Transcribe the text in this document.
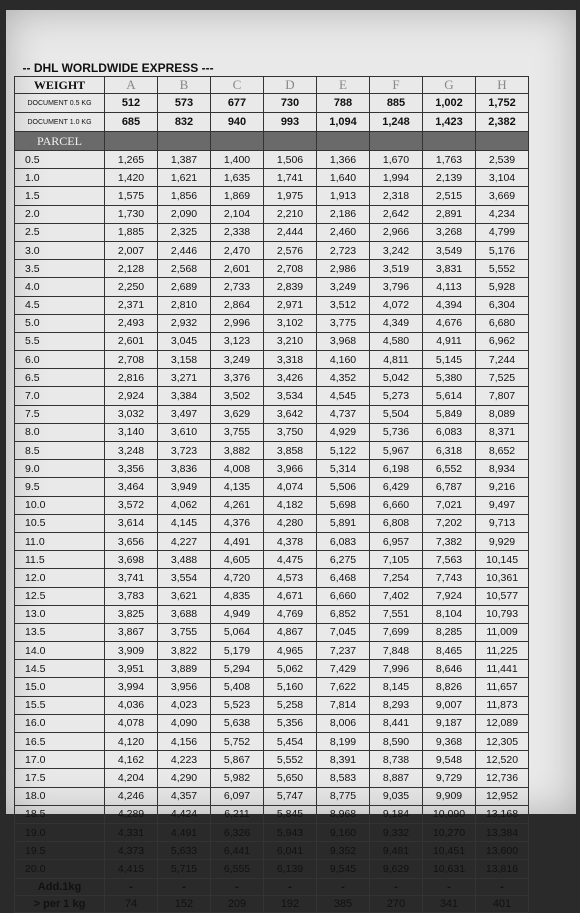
-- DHL WORLDWIDE EXPRESS ---								
WEIGHT	A	B	C	D	E	F	G	H
DOCUMENT 0.5 KG	512	573	677	730	788	885	1,002	1,752
DOCUMENT 1.0 KG	685	832	940	993	1,094	1,248	1,423	2,382
PARCEL								
0.5	1,265	1,387	1,400	1,506	1,366	1,670	1,763	2,539
1.0	1,420	1,621	1,635	1,741	1,640	1,994	2,139	3,104
1.5	1,575	1,856	1,869	1,975	1,913	2,318	2,515	3,669
2.0	1,730	2,090	2,104	2,210	2,186	2,642	2,891	4,234
2.5	1,885	2,325	2,338	2,444	2,460	2,966	3,268	4,799
3.0	2,007	2,446	2,470	2,576	2,723	3,242	3,549	5,176
3.5	2,128	2,568	2,601	2,708	2,986	3,519	3,831	5,552
4.0	2,250	2,689	2,733	2,839	3,249	3,796	4,113	5,928
4.5	2,371	2,810	2,864	2,971	3,512	4,072	4,394	6,304
5.0	2,493	2,932	2,996	3,102	3,775	4,349	4,676	6,680
5.5	2,601	3,045	3,123	3,210	3,968	4,580	4,911	6,962
6.0	2,708	3,158	3,249	3,318	4,160	4,811	5,145	7,244
6.5	2,816	3,271	3,376	3,426	4,352	5,042	5,380	7,525
7.0	2,924	3,384	3,502	3,534	4,545	5,273	5,614	7,807
7.5	3,032	3,497	3,629	3,642	4,737	5,504	5,849	8,089
8.0	3,140	3,610	3,755	3,750	4,929	5,736	6,083	8,371
8.5	3,248	3,723	3,882	3,858	5,122	5,967	6,318	8,652
9.0	3,356	3,836	4,008	3,966	5,314	6,198	6,552	8,934
9.5	3,464	3,949	4,135	4,074	5,506	6,429	6,787	9,216
10.0	3,572	4,062	4,261	4,182	5,698	6,660	7,021	9,497
10.5	3,614	4,145	4,376	4,280	5,891	6,808	7,202	9,713
11.0	3,656	4,227	4,491	4,378	6,083	6,957	7,382	9,929
11.5	3,698	3,488	4,605	4,475	6,275	7,105	7,563	10,145
12.0	3,741	3,554	4,720	4,573	6,468	7,254	7,743	10,361
12.5	3,783	3,621	4,835	4,671	6,660	7,402	7,924	10,577
13.0	3,825	3,688	4,949	4,769	6,852	7,551	8,104	10,793
13.5	3,867	3,755	5,064	4,867	7,045	7,699	8,285	11,009
14.0	3,909	3,822	5,179	4,965	7,237	7,848	8,465	11,225
14.5	3,951	3,889	5,294	5,062	7,429	7,996	8,646	11,441
15.0	3,994	3,956	5,408	5,160	7,622	8,145	8,826	11,657
15.5	4,036	4,023	5,523	5,258	7,814	8,293	9,007	11,873
16.0	4,078	4,090	5,638	5,356	8,006	8,441	9,187	12,089
16.5	4,120	4,156	5,752	5,454	8,199	8,590	9,368	12,305
17.0	4,162	4,223	5,867	5,552	8,391	8,738	9,548	12,520
17.5	4,204	4,290	5,982	5,650	8,583	8,887	9,729	12,736
18.0	4,246	4,357	6,097	5,747	8,775	9,035	9,909	12,952
18.5	4,289	4,424	6,211	5,845	8,968	9,184	10,090	13,168
19.0	4,331	4,491	6,326	5,943	9,160	9,332	10,270	13,384
19.5	4,373	5,633	6,441	6,041	9,352	9,481	10,451	13,600
20.0	4,415	5,715	6,555	6,139	9,545	9,629	10,631	13,816
Add.1kg	-	-	-	-	-	-	-	-
> per 1 kg	74	152	209	192	385	270	341	401
